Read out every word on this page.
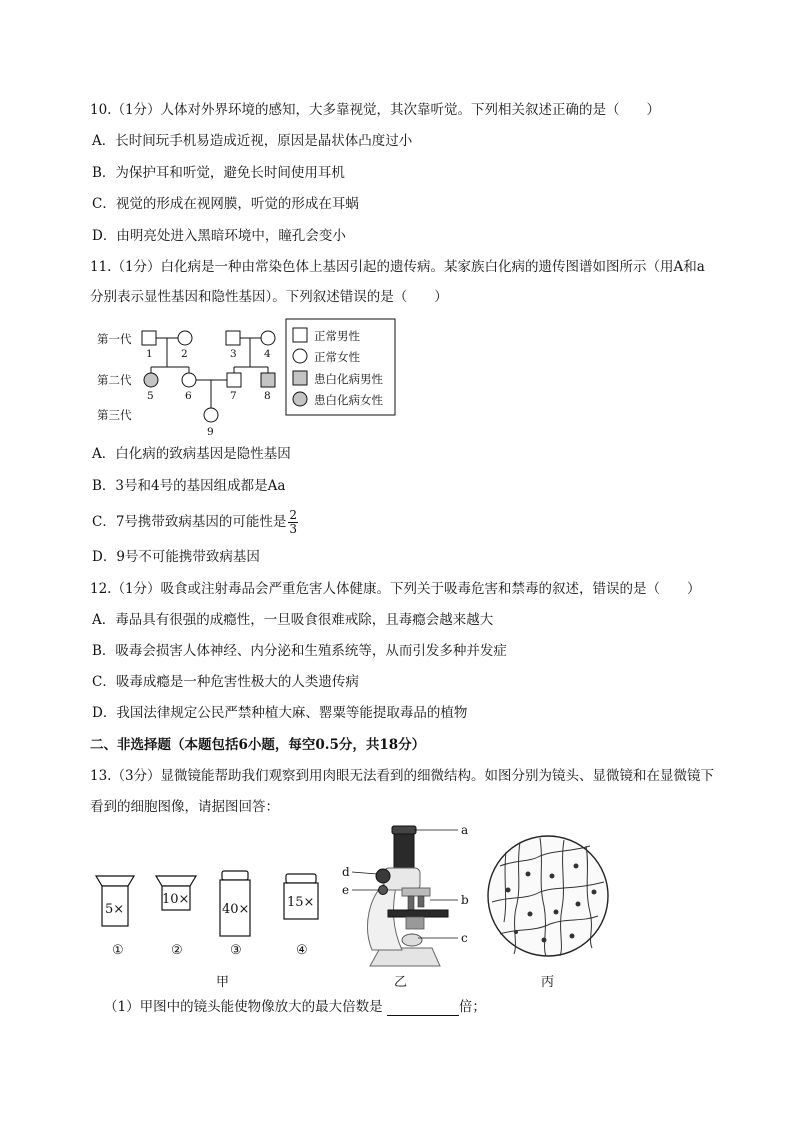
10.（1分）人体对外界环境的感知，大多靠视觉，其次靠听觉。下列相关叙述正确的是（　　）
A．长时间玩手机易造成近视，原因是晶状体凸度过小
B．为保护耳和听觉，避免长时间使用耳机
C．视觉的形成在视网膜，听觉的形成在耳蜗
D．由明亮处进入黑暗环境中，瞳孔会变小
11.（1分）白化病是一种由常染色体上基因引起的遗传病。某家族白化病的遗传图谱如图所示（用A和a
分别表示显性基因和隐性基因）。下列叙述错误的是（　　）
第一代
第二代
第三代
1	2	3	4
5	6	7	8
9
正常男性
正常女性
患白化病男性
患白化病女性
A．白化病的致病基因是隐性基因
B．3号和4号的基因组成都是Aa
C．7号携带致病基因的可能性是 $\frac{2}{3}$
D．9号不可能携带致病基因
12.（1分）吸食或注射毒品会严重危害人体健康。下列关于吸毒危害和禁毒的叙述，错误的是（　　）
A．毒品具有很强的成瘾性，一旦吸食很难戒除，且毒瘾会越来越大
B．吸毒会损害人体神经、内分泌和生殖系统等，从而引发多种并发症
C．吸毒成瘾是一种危害性极大的人类遗传病
D．我国法律规定公民严禁种植大麻、罂粟等能提取毒品的植物
二、非选择题（本题包括6小题，每空0.5分，共18分）
13.（3分）显微镜能帮助我们观察到用肉眼无法看到的细微结构。如图分别为镜头、显微镜和在显微镜下
看到的细胞图像，请据图回答：
5×
①
10×
②
40×
③
15×
④
甲
a
b
c
d
e
乙	丙
（1）甲图中的镜头能使物像放大的最大倍数是	倍；
